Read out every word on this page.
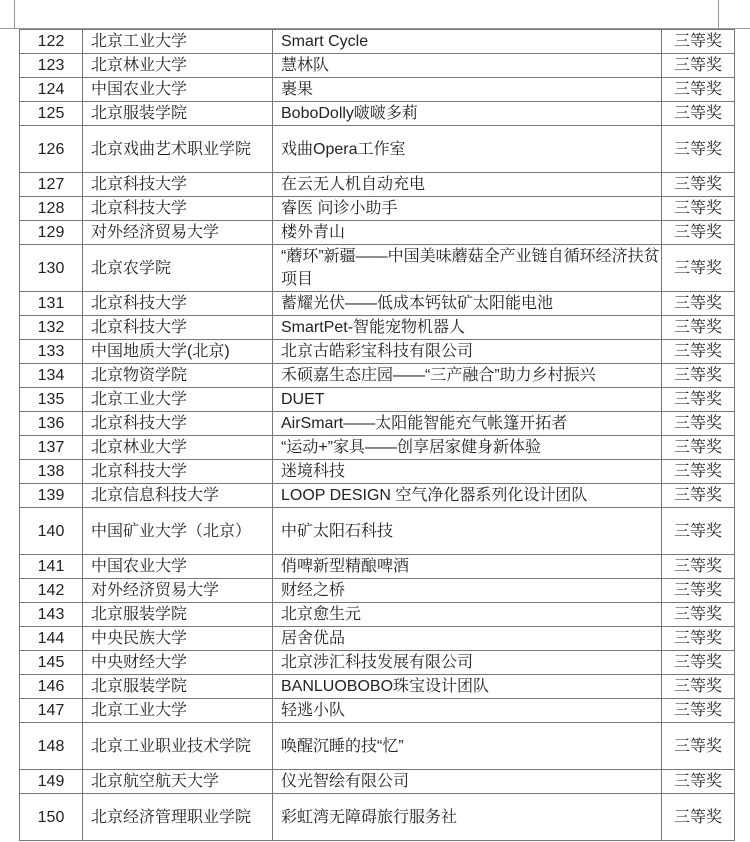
122	北京工业大学	Smart Cycle	三等奖
123	北京林业大学	慧林队	三等奖
124	中国农业大学	裹果	三等奖
125	北京服装学院	BoboDolly啵啵多莉	三等奖
126	北京戏曲艺术职业学院	戏曲Opera工作室	三等奖
127	北京科技大学	在云无人机自动充电	三等奖
128	北京科技大学	睿医 问诊小助手	三等奖
129	对外经济贸易大学	楼外青山	三等奖
130	北京农学院	“蘑环”新疆——中国美味蘑菇全产业链自循环经济扶贫项目	三等奖
131	北京科技大学	蓄耀光伏——低成本钙钛矿太阳能电池	三等奖
132	北京科技大学	SmartPet-智能宠物机器人	三等奖
133	中国地质大学(北京)	北京古皓彩宝科技有限公司	三等奖
134	北京物资学院	禾硕嘉生态庄园——“三产融合”助力乡村振兴	三等奖
135	北京工业大学	DUET	三等奖
136	北京科技大学	AirSmart——太阳能智能充气帐篷开拓者	三等奖
137	北京林业大学	“运动+”家具——创享居家健身新体验	三等奖
138	北京科技大学	迷境科技	三等奖
139	北京信息科技大学	LOOP DESIGN 空气净化器系列化设计团队	三等奖
140	中国矿业大学（北京）	中矿太阳石科技	三等奖
141	中国农业大学	俏啤新型精酿啤酒	三等奖
142	对外经济贸易大学	财经之桥	三等奖
143	北京服装学院	北京愈生元	三等奖
144	中央民族大学	居舍优品	三等奖
145	中央财经大学	北京涉汇科技发展有限公司	三等奖
146	北京服装学院	BANLUOBOBO珠宝设计团队	三等奖
147	北京工业大学	轻逃小队	三等奖
148	北京工业职业技术学院	唤醒沉睡的技“忆”	三等奖
149	北京航空航天大学	仪光智绘有限公司	三等奖
150	北京经济管理职业学院	彩虹湾无障碍旅行服务社	三等奖
